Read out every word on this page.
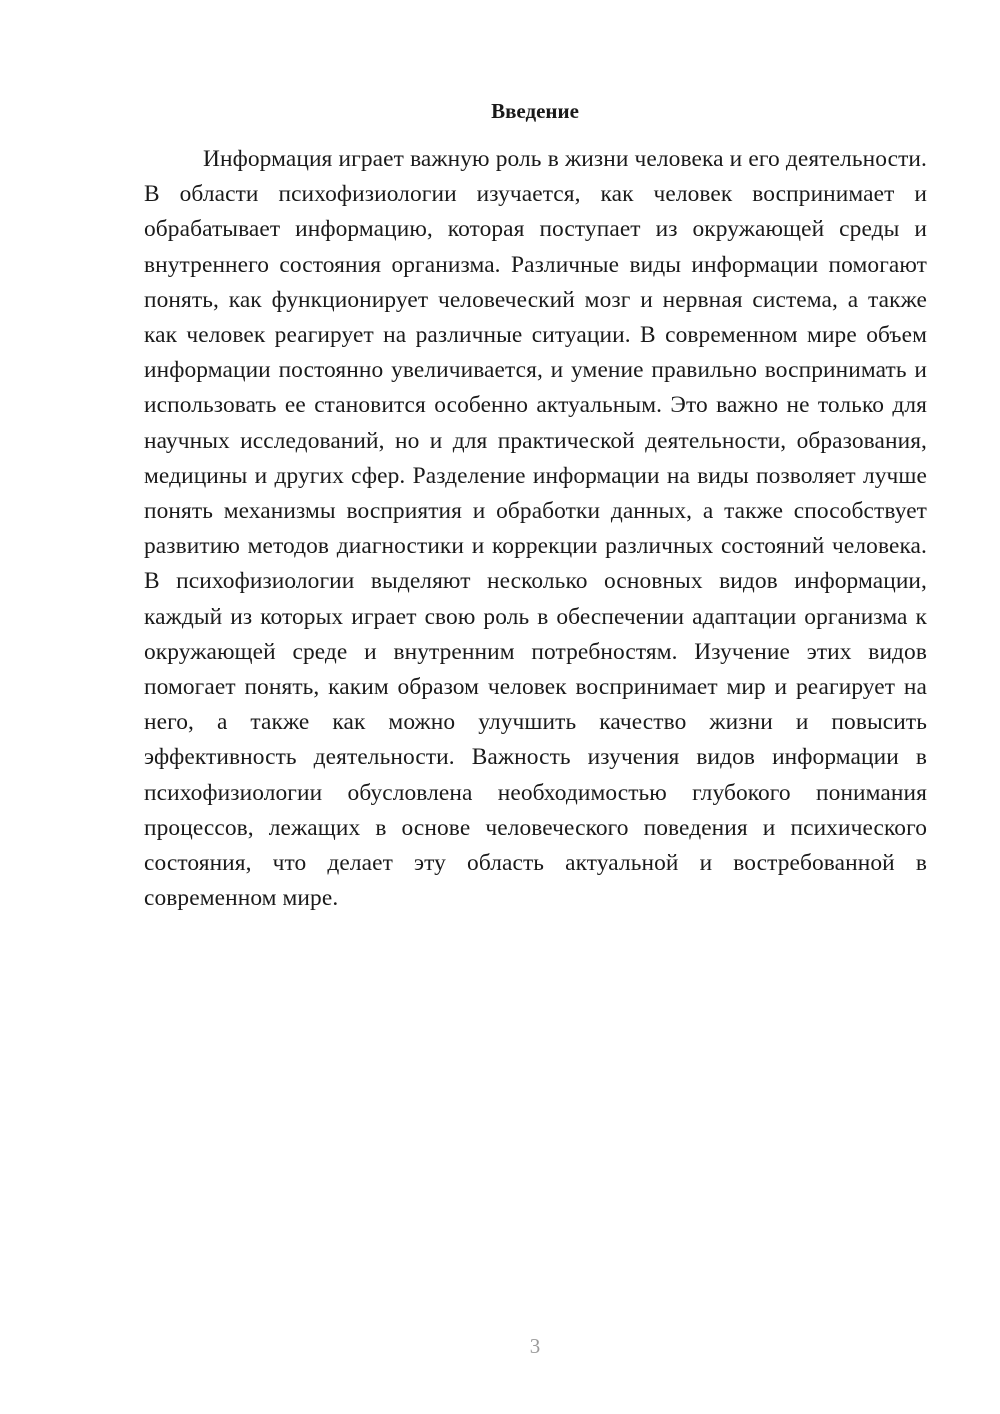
Введение

Информация играет важную роль в жизни человека и его деятельности. В области психофизиологии изучается, как человек воспринимает и обрабатывает информацию, которая поступает из окружающей среды и внутреннего состояния организма. Различные виды информации помогают понять, как функционирует человеческий мозг и нервная система, а также как человек реагирует на различные ситуации. В современном мире объем информации постоянно увеличивается, и умение правильно воспринимать и использовать ее становится особенно актуальным. Это важно не только для научных исследований, но и для практической деятельности, образования, медицины и других сфер. Разделение информации на виды позволяет лучше понять механизмы восприятия и обработки данных, а также способствует развитию методов диагностики и коррекции различных состояний человека. В психофизиологии выделяют несколько основных видов информации, каждый из которых играет свою роль в обеспечении адаптации организма к окружающей среде и внутренним потребностям. Изучение этих видов помогает понять, каким образом человек воспринимает мир и реагирует на него, а также как можно улучшить качество жизни и повысить эффективность деятельности. Важность изучения видов информации в психофизиологии обусловлена необходимостью глубокого понимания процессов, лежащих в основе человеческого поведения и психического состояния, что делает эту область актуальной и востребованной в современном мире.

3
